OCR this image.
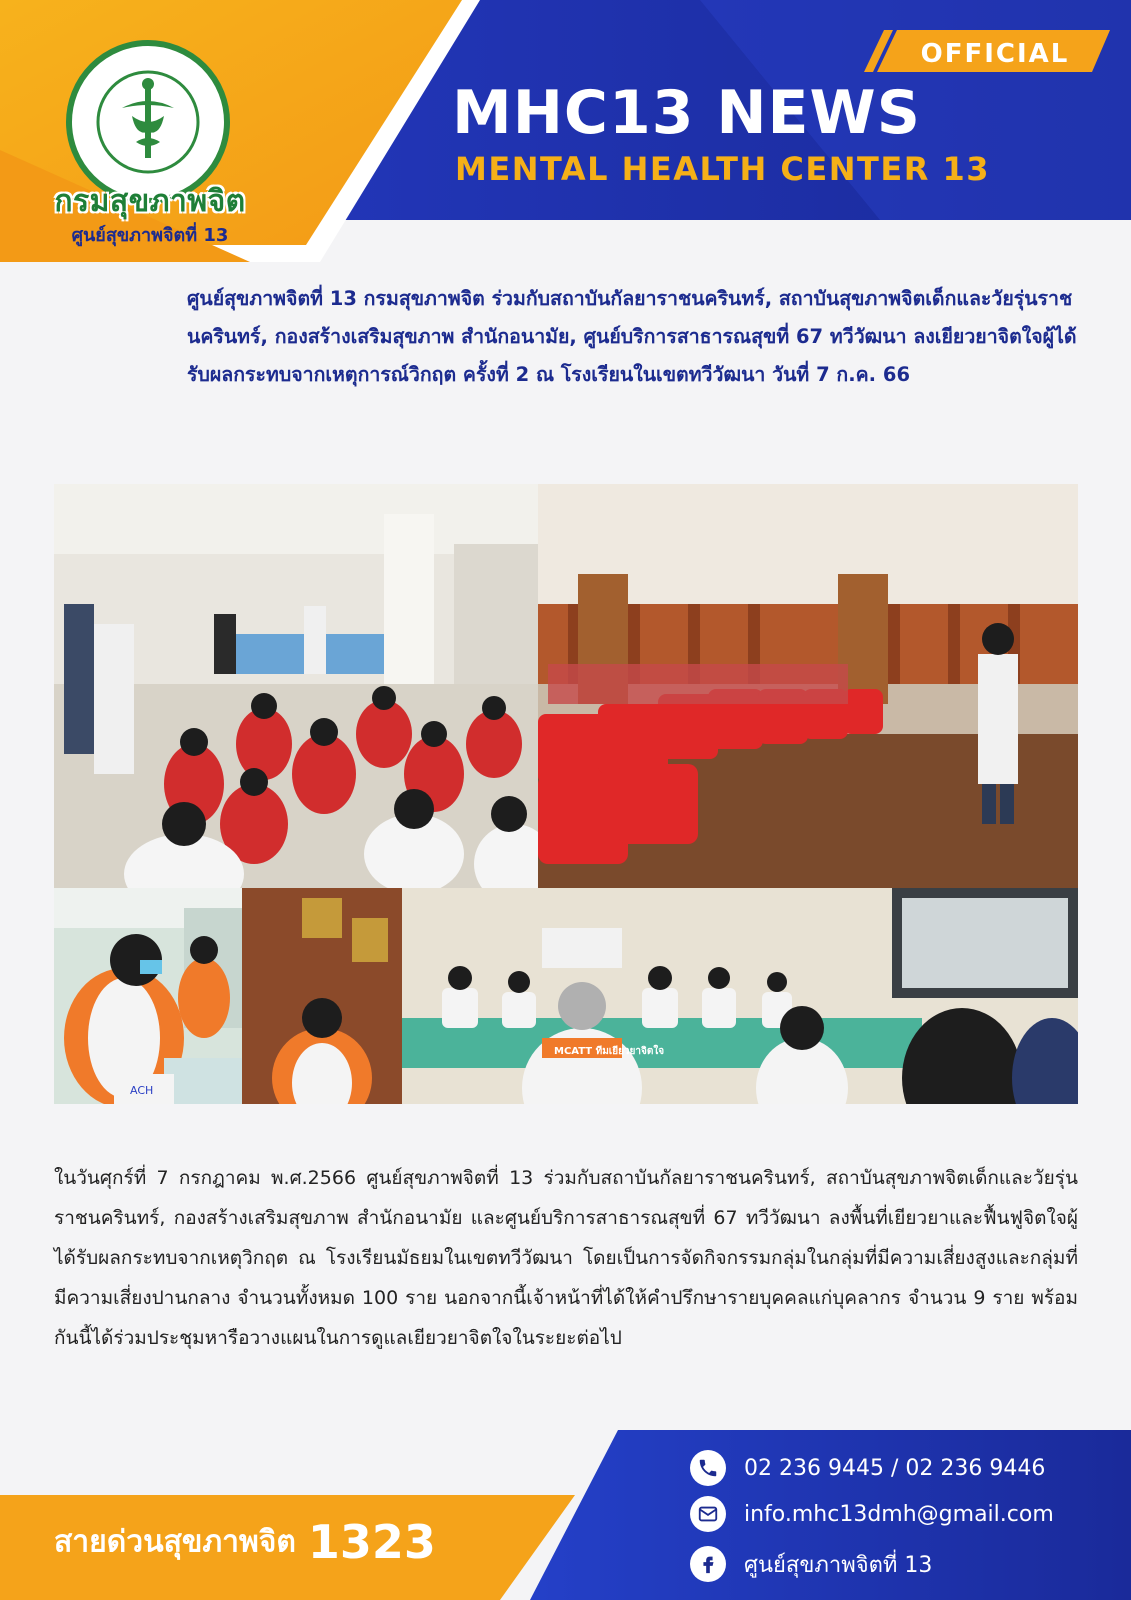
กรมสุขภาพจิต
ศูนย์สุขภาพจิตที่ 13
OFFICIAL
MHC13 NEWS
MENTAL HEALTH CENTER 13
ศูนย์สุขภาพจิตที่ 13 กรมสุขภาพจิต ร่วมกับสถาบันกัลยาราชนครินทร์, สถาบันสุขภาพจิตเด็กและวัยรุ่นราชนครินทร์, กองสร้างเสริมสุขภาพ สำนักอนามัย, ศูนย์บริการสาธารณสุขที่ 67 ทวีวัฒนา ลงเยียวยาจิตใจผู้ได้รับผลกระทบจากเหตุการณ์วิกฤต ครั้งที่ 2 ณ โรงเรียนในเขตทวีวัฒนา วันที่ 7 ก.ค. 66
ACH
MCATT ทีมเยียวยาจิตใจ
ในวันศุกร์ที่ 7 กรกฎาคม พ.ศ.2566 ศูนย์สุขภาพจิตที่ 13 ร่วมกับสถาบันกัลยาราชนครินทร์, สถาบันสุขภาพจิตเด็กและวัยรุ่นราชนครินทร์, กองสร้างเสริมสุขภาพ สำนักอนามัย และศูนย์บริการสาธารณสุขที่ 67 ทวีวัฒนา ลงพื้นที่เยียวยาและฟื้นฟูจิตใจผู้ได้รับผลกระทบจากเหตุวิกฤต ณ โรงเรียนมัธยมในเขตทวีวัฒนา โดยเป็นการจัดกิจกรรมกลุ่มในกลุ่มที่มีความเสี่ยงสูงและกลุ่มที่มีความเสี่ยงปานกลาง จำนวนทั้งหมด 100 ราย นอกจากนี้เจ้าหน้าที่ได้ให้คำปรึกษารายบุคคลแก่บุคลากร จำนวน 9 ราย พร้อมกันนี้ได้ร่วมประชุมหารือวางแผนในการดูแลเยียวยาจิตใจในระยะต่อไป
สายด่วนสุขภาพจิต 1323
02 236 9445 / 02 236 9446
info.mhc13dmh@gmail.com
ศูนย์สุขภาพจิตที่ 13
